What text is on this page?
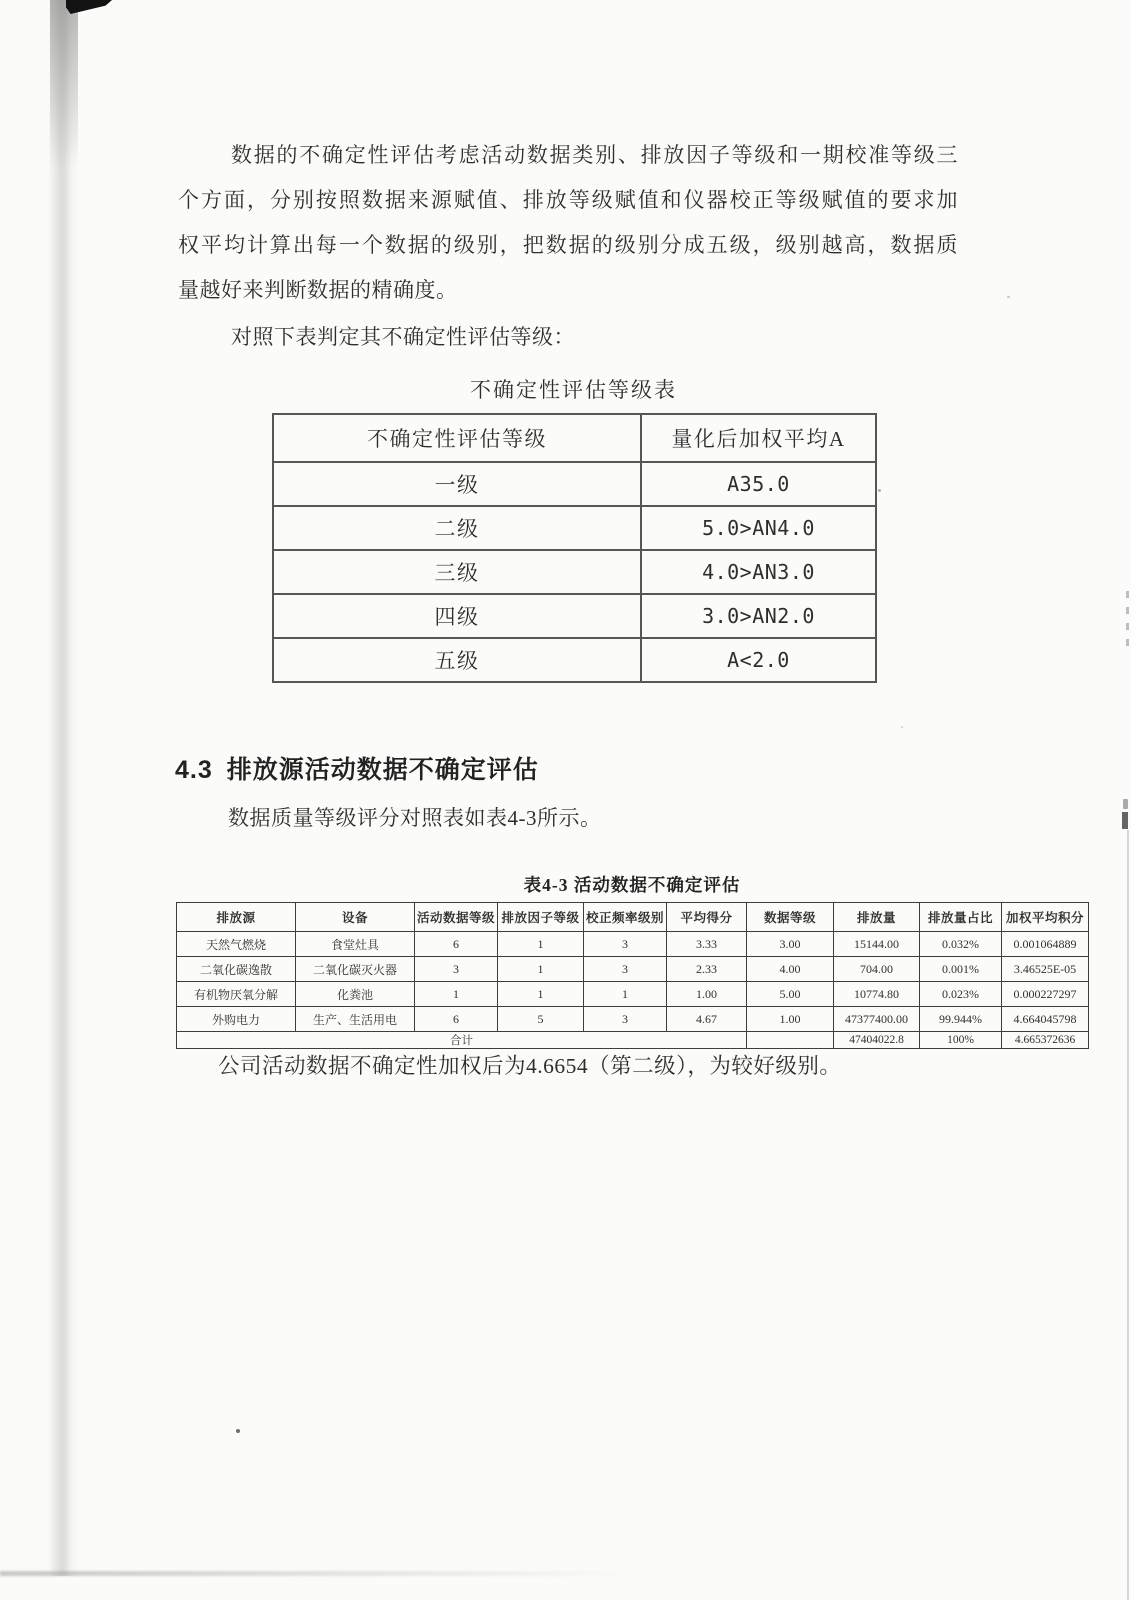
数据的不确定性评估考虑活动数据类别、排放因子等级和一期校准等级三
个方面，分别按照数据来源赋值、排放等级赋值和仪器校正等级赋值的要求加
权平均计算出每一个数据的级别，把数据的级别分成五级，级别越高，数据质
量越好来判断数据的精确度。
对照下表判定其不确定性评估等级：
不确定性评估等级表
不确定性评估等级	量化后加权平均A
一级	A35.0
二级	5.0>AN4.0
三级	4.0>AN3.0
四级	3.0>AN2.0
五级	A<2.0
4.3 排放源活动数据不确定评估
数据质量等级评分对照表如表4-3所示。
表4-3 活动数据不确定评估
排放源	设备	活动数据等级	排放因子等级	校正频率级别	平均得分	数据等级	排放量	排放量占比	加权平均积分
天然气燃烧	食堂灶具	6	1	3	3.33	3.00	15144.00	0.032%	0.001064889
二氧化碳逸散	二氧化碳灭火器	3	1	3	2.33	4.00	704.00	0.001%	3.46525E-05
有机物厌氧分解	化粪池	1	1	1	1.00	5.00	10774.80	0.023%	0.000227297
外购电力	生产、生活用电	6	5	3	4.67	1.00	47377400.00	99.944%	4.664045798
合计							47404022.8	100%	4.665372636
公司活动数据不确定性加权后为4.6654（第二级），为较好级别。
